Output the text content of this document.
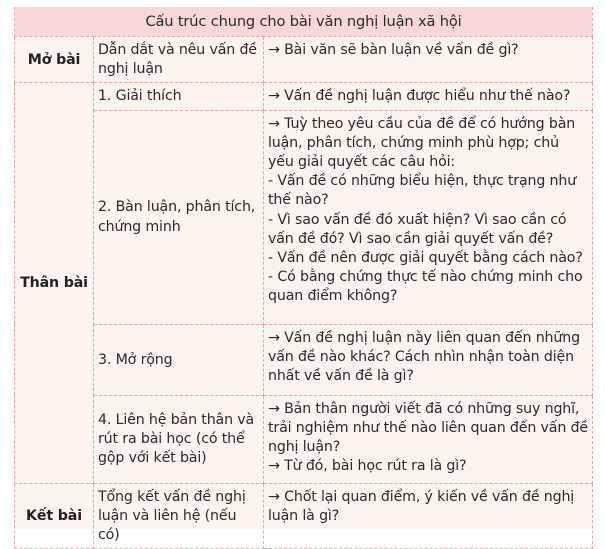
Cấu trúc chung cho bài văn nghị luận xã hội		
Mở bài	Dẫn dắt và nêu vấn đề nghị luận	→ Bài văn sẽ bàn luận về vấn đề gì?

Thân bài	1. Giải thích	→ Vấn đề nghị luận được hiểu như thế nào?

	2. Bàn luận, phân tích, chứng minh	→ Tuỳ theo yêu cầu của đề để có hướng bàn luận, phân tích, chứng minh phù hợp; chủ yếu giải quyết các câu hỏi:
- Vấn đề có những biểu hiện, thực trạng như thế nào?
- Vì sao vấn đề đó xuất hiện? Vì sao cần có vấn đề đó? Vì sao cần giải quyết vấn đề?
- Vấn đề nên được giải quyết bằng cách nào?
- Có bằng chứng thực tế nào chứng minh cho quan điểm không?

	3. Mở rộng	→ Vấn đề nghị luận này liên quan đến những vấn đề nào khác? Cách nhìn nhận toàn diện nhất về vấn đề là gì?

	4. Liên hệ bản thân và rút ra bài học (có thể gộp với kết bài)	→ Bản thân người viết đã có những suy nghĩ, trải nghiệm như thế nào liên quan đến vấn đề nghị luận?
→ Từ đó, bài học rút ra là gì?

Kết bài	Tổng kết vấn đề nghị luận và liên hệ (nếu có)	→ Chốt lại quan điểm, ý kiến về vấn đề nghị luận là gì?
